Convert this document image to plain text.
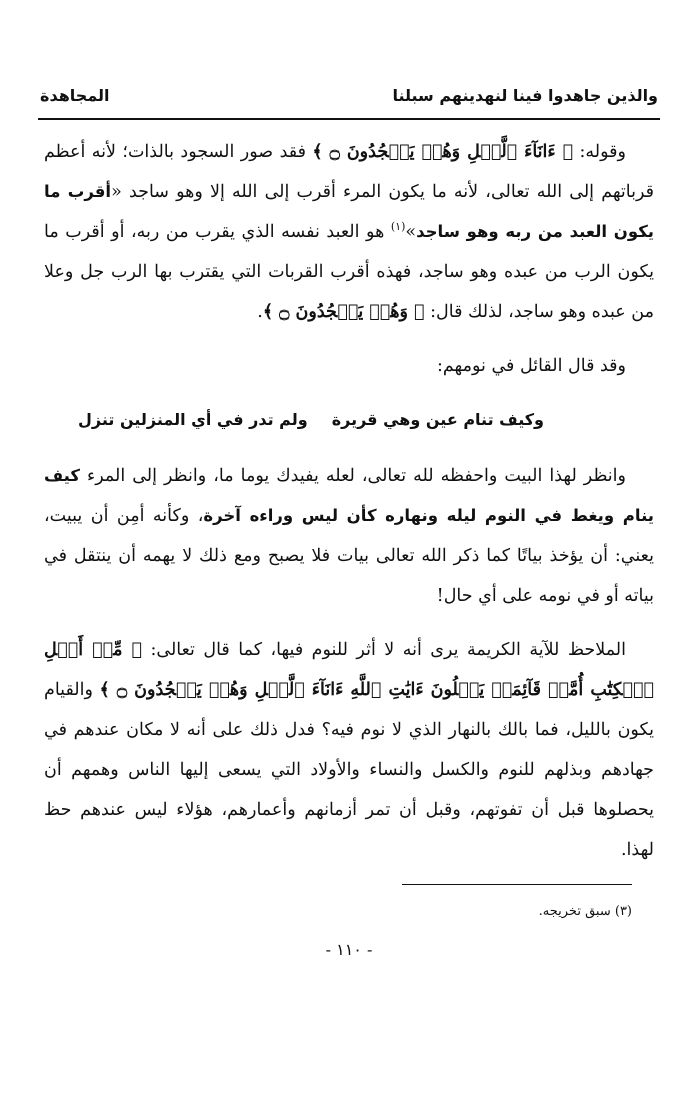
والذين جاهدوا فينا لنهدينهم سبلنا
المجاهدة

وقوله: ﴿ ءَانَآءَ ٱلَّيۡلِ وَهُمۡ يَسۡجُدُونَ ۝ ﴾ فقد صور السجود بالذات؛ لأنه أعظم قرباتهم إلى الله تعالى، لأنه ما يكون المرء أقرب إلى الله إلا وهو ساجد «أقرب ما يكون العبد من ربه وهو ساجد»$^{(١)}$ هو العبد نفسه الذي يقرب من ربه، أو أقرب ما يكون الرب من عبده وهو ساجد، فهذه أقرب القربات التي يقترب بها الرب جل وعلا من عبده وهو ساجد، لذلك قال: ﴿ وَهُمۡ يَسۡجُدُونَ ۝ ﴾.

وقد قال القائل في نومهم:

وكيف تنام عين وهي قريرة
ولم تدر في أي المنزلين تنزل

وانظر لهذا البيت واحفظه لله تعالى، لعله يفيدك يوما ما، وانظر إلى المرء كيف ينام ويغط في النوم ليله ونهاره كأن ليس وراءه آخرة، وكأنه أمِن أن يبيت، يعني: أن يؤخذ بياتًا كما ذكر الله تعالى بيات فلا يصبح ومع ذلك لا يهمه أن ينتقل في بياته أو في نومه على أي حال!

الملاحظ للآية الكريمة يرى أنه لا أثر للنوم فيها، كما قال تعالى: ﴿ مِّنۡ أَهۡلِ ٱلۡكِتَٰبِ أُمَّةٞ قَآئِمَةٞ يَتۡلُونَ ءَايَٰتِ ٱللَّهِ ءَانَآءَ ٱلَّيۡلِ وَهُمۡ يَسۡجُدُونَ ۝ ﴾ والقيام يكون بالليل، فما بالك بالنهار الذي لا نوم فيه؟ فدل ذلك على أنه لا مكان عندهم في جهادهم وبذلهم للنوم والكسل والنساء والأولاد التي يسعى إليها الناس وهمهم أن يحصلوها قبل أن تفوتهم، وقبل أن تمر أزمانهم وأعمارهم، هؤلاء ليس عندهم حظ لهذا.

(٣) سبق تخريجه.
- ١١٠ -
